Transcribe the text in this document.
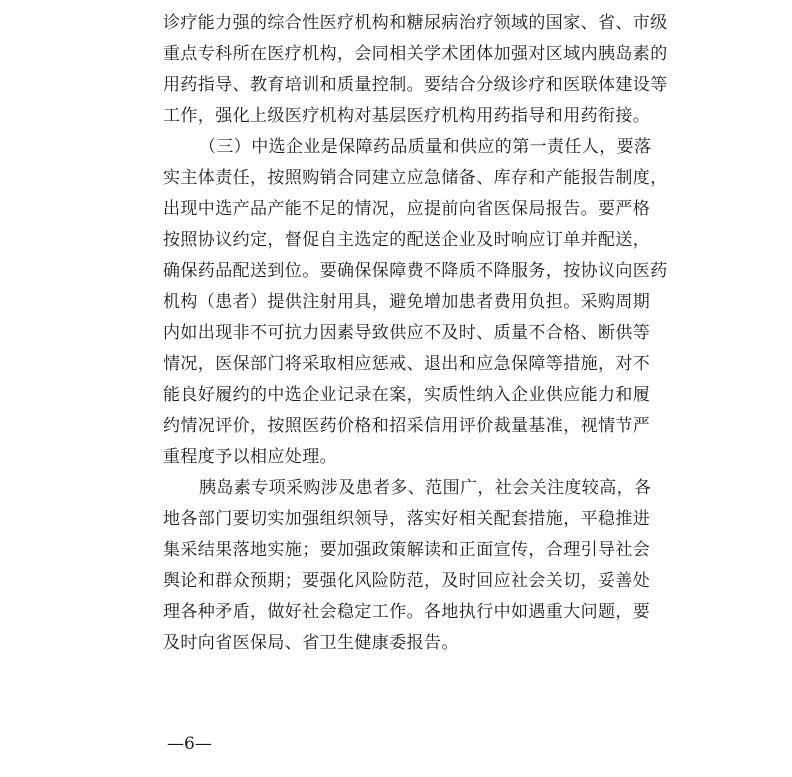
诊疗能力强的综合性医疗机构和糖尿病治疗领域的国家、省、市级
重点专科所在医疗机构，会同相关学术团体加强对区域内胰岛素的
用药指导、教育培训和质量控制。要结合分级诊疗和医联体建设等
工作，强化上级医疗机构对基层医疗机构用药指导和用药衔接。
（三）中选企业是保障药品质量和供应的第一责任人，要落
实主体责任，按照购销合同建立应急储备、库存和产能报告制度，
出现中选产品产能不足的情况，应提前向省医保局报告。要严格
按照协议约定，督促自主选定的配送企业及时响应订单并配送，
确保药品配送到位。要确保保障费不降质不降服务，按协议向医药
机构（患者）提供注射用具，避免增加患者费用负担。采购周期
内如出现非不可抗力因素导致供应不及时、质量不合格、断供等
情况，医保部门将采取相应惩戒、退出和应急保障等措施，对不
能良好履约的中选企业记录在案，实质性纳入企业供应能力和履
约情况评价，按照医药价格和招采信用评价裁量基准，视情节严
重程度予以相应处理。
胰岛素专项采购涉及患者多、范围广，社会关注度较高，各
地各部门要切实加强组织领导，落实好相关配套措施，平稳推进
集采结果落地实施；要加强政策解读和正面宣传，合理引导社会
舆论和群众预期；要强化风险防范，及时回应社会关切，妥善处
理各种矛盾，做好社会稳定工作。各地执行中如遇重大问题，要
及时向省医保局、省卫生健康委报告。
—6—
